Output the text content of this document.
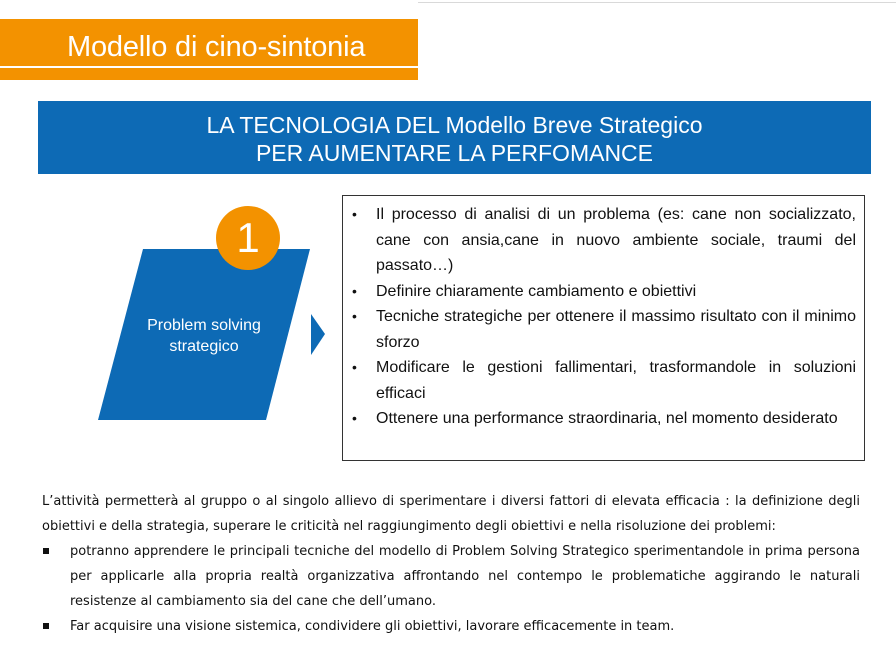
Modello di cino-sintonia
LA TECNOLOGIA DEL Modello Breve Strategico
PER AUMENTARE LA PERFOMANCE
1
Problem solving
strategico
• Il processo di analisi di un problema (es: cane non socializzato, cane con ansia,cane in nuovo ambiente sociale, traumi del passato…)
• Definire chiaramente cambiamento e obiettivi
• Tecniche strategiche per ottenere il massimo risultato con il minimo sforzo
• Modificare le gestioni fallimentari, trasformandole in soluzioni efficaci
• Ottenere una performance straordinaria, nel momento desiderato

L’attività permetterà al gruppo o al singolo allievo di sperimentare i diversi fattori di elevata efficacia : la definizione degli obiettivi e della strategia, superare le criticità nel raggiungimento degli obiettivi e nella risoluzione dei problemi:

potranno apprendere le principali tecniche del modello di Problem Solving Strategico sperimentandole in prima persona per applicarle alla propria realtà organizzativa affrontando nel contempo le problematiche aggirando le naturali resistenze al cambiamento sia del cane che dell’umano.
Far acquisire una visione sistemica, condividere gli obiettivi, lavorare efficacemente in team.
